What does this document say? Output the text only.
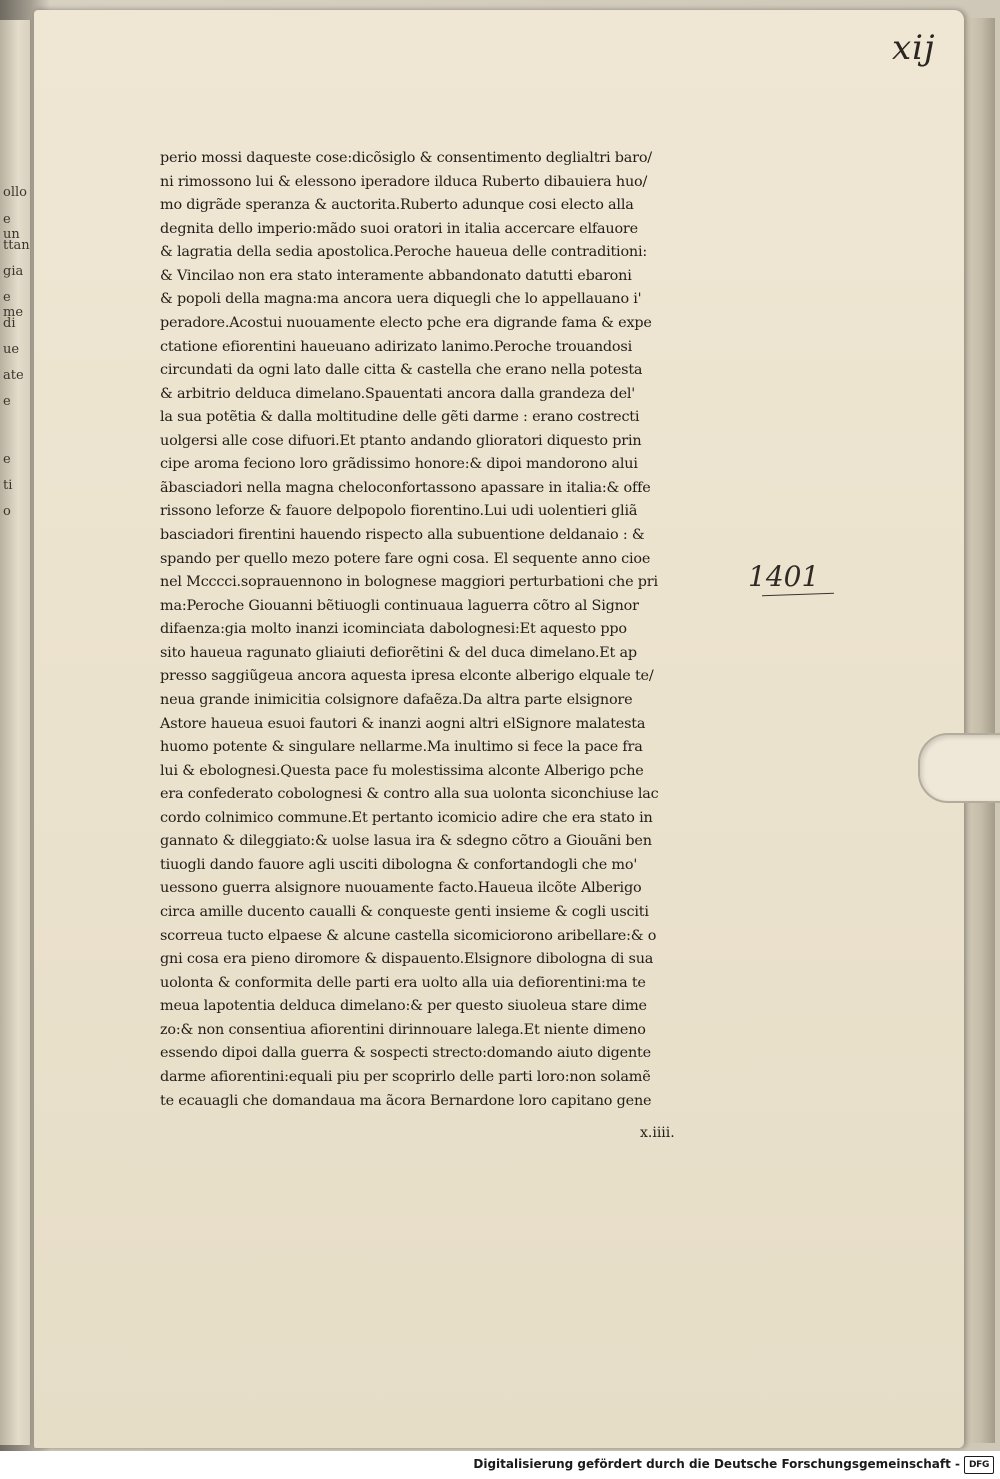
ollo
e un
ttan
gia
e me
di
ue
ate
e
e
ti
o
xij
1401
perio mossi daqueste cose:dicõsiglo & consentimento deglialtri baro/
ni rimossono lui & elessono iperadore ilduca Ruberto dibauiera huo/
mo digrãde speranza & auctorita.Ruberto adunque cosi electo alla
degnita dello imperio:mãdo suoi oratori in italia accercare elfauore
& lagratia della sedia apostolica.Peroche haueua delle contraditioni:
& Vincilao non era stato interamente abbandonato datutti ebaroni
& popoli della magna:ma ancora uera diquegli che lo appellauano i'
peradore.Acostui nuouamente electo pche era digrande fama & expe
ctatione efiorentini haueuano adirizato lanimo.Peroche trouandosi
circundati da ogni lato dalle citta & castella che erano nella potesta
& arbitrio delduca dimelano.Spauentati ancora dalla grandeza del'
la sua potẽtia & dalla moltitudine delle gẽti darme : erano costrecti
uolgersi alle cose difuori.Et ptanto andando glioratori diquesto prin
cipe aroma feciono loro grãdissimo honore:& dipoi mandorono alui
ãbasciadori nella magna cheloconfortassono apassare in italia:& offe
rissono leforze & fauore delpopolo fiorentino.Lui udi uolentieri gliã
basciadori firentini hauendo rispecto alla subuentione deldanaio : &
spando per quello mezo potere fare ogni cosa. El sequente anno cioe
nel Mcccci.soprauennono in bolognese maggiori perturbationi che pri
ma:Peroche Giouanni bẽtiuogli continuaua laguerra cõtro al Signor
difaenza:gia molto inanzi icominciata dabolognesi:Et aquesto ppo
sito haueua ragunato gliaiuti defiorẽtini & del duca dimelano.Et ap
presso saggiũgeua ancora aquesta ipresa elconte alberigo elquale te/
neua grande inimicitia colsignore dafaẽza.Da altra parte elsignore
Astore haueua esuoi fautori & inanzi aogni altri elSignore malatesta
huomo potente & singulare nellarme.Ma inultimo si fece la pace fra
lui & ebolognesi.Questa pace fu molestissima alconte Alberigo pche
era confederato cobolognesi & contro alla sua uolonta siconchiuse lac
cordo colnimico commune.Et pertanto icomicio adire che era stato in
gannato & dileggiato:& uolse lasua ira & sdegno cõtro a Giouãni ben
tiuogli dando fauore agli usciti dibologna & confortandogli che mo'
uessono guerra alsignore nuouamente facto.Haueua ilcõte Alberigo
circa amille ducento caualli & conqueste genti insieme & cogli usciti
scorreua tucto elpaese & alcune castella sicomiciorono aribellare:& o
gni cosa era pieno diromore & dispauento.Elsignore dibologna di sua
uolonta & conformita delle parti era uolto alla uia defiorentini:ma te
meua lapotentia delduca dimelano:& per questo siuoleua stare dime
zo:& non consentiua afiorentini dirinnouare lalega.Et niente dimeno
essendo dipoi dalla guerra & sospecti strecto:domando aiuto digente
darme afiorentini:equali piu per scoprirlo delle parti loro:non solamẽ
te ecauagli che domandaua ma ãcora Bernardone loro capitano gene
x.iiii.
Digitalisierung gefördert durch die Deutsche Forschungsgemeinschaft - DFG
